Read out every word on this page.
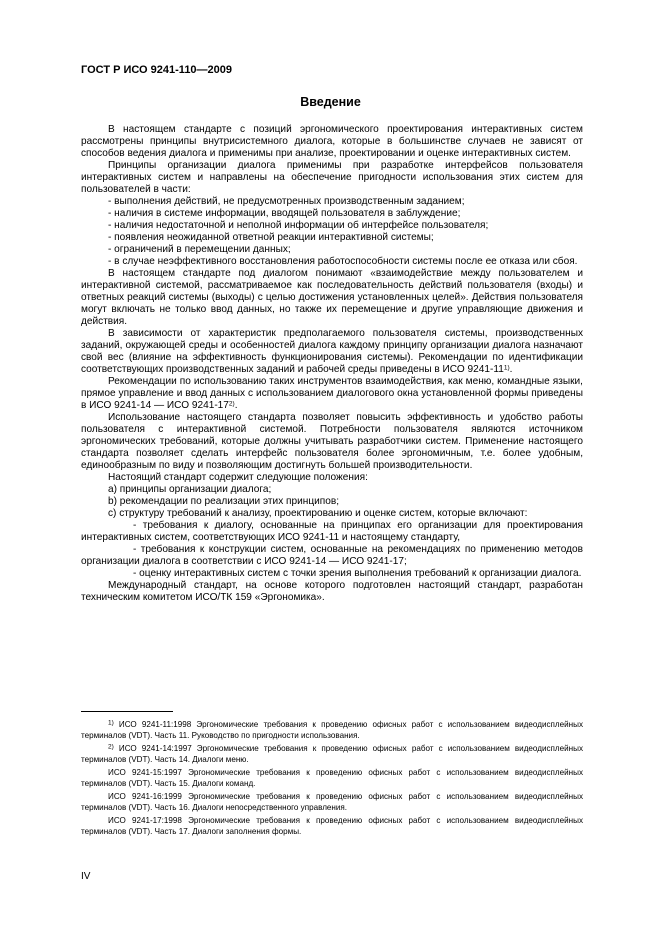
ГОСТ Р ИСО 9241-110—2009

Введение

В настоящем стандарте с позиций эргономического проектирования интерактивных систем рассмотрены принципы внутрисистемного диалога, которые в большинстве случаев не зависят от способов ведения диалога и применимы при анализе, проектировании и оценке интерактивных систем.

Принципы организации диалога применимы при разработке интерфейсов пользователя интерактивных систем и направлены на обеспечение пригодности использования этих систем для пользователей в части:

- выполнения действий, не предусмотренных производственным заданием;

- наличия в системе информации, вводящей пользователя в заблуждение;

- наличия недостаточной и неполной информации об интерфейсе пользователя;

- появления неожиданной ответной реакции интерактивной системы;

- ограничений в перемещении данных;

- в случае неэффективного восстановления работоспособности системы после ее отказа или сбоя.

В настоящем стандарте под диалогом понимают «взаимодействие между пользователем и интерактивной системой, рассматриваемое как последовательность действий пользователя (входы) и ответных реакций системы (выходы) с целью достижения установленных целей». Действия пользователя могут включать не только ввод данных, но также их перемещение и другие управляющие движения и действия.

В зависимости от характеристик предполагаемого пользователя системы, производственных заданий, окружающей среды и особенностей диалога каждому принципу организации диалога назначают свой вес (влияние на эффективность функционирования системы). Рекомендации по идентификации соответствующих производственных заданий и рабочей среды приведены в ИСО 9241-11$^{1)}$.

Рекомендации по использованию таких инструментов взаимодействия, как меню, командные языки, прямое управление и ввод данных с использованием диалогового окна установленной формы приведены в ИСО 9241-14 — ИСО 9241-17$^{2)}$.

Использование настоящего стандарта позволяет повысить эффективность и удобство работы пользователя с интерактивной системой. Потребности пользователя являются источником эргономических требований, которые должны учитывать разработчики систем. Применение настоящего стандарта позволяет сделать интерфейс пользователя более эргономичным, т.е. более удобным, единообразным по виду и позволяющим достигнуть большей производительности.

Настоящий стандарт содержит следующие положения:

a) принципы организации диалога;

b) рекомендации по реализации этих принципов;

c) структуру требований к анализу, проектированию и оценке систем, которые включают:

- требования к диалогу, основанные на принципах его организации для проектирования интерактивных систем, соответствующих ИСО 9241-11 и настоящему стандарту,

- требования к конструкции систем, основанные на рекомендациях по применению методов организации диалога в соответствии с ИСО 9241-14 — ИСО 9241-17;

- оценку интерактивных систем с точки зрения выполнения требований к организации диалога.

Международный стандарт, на основе которого подготовлен настоящий стандарт, разработан техническим комитетом ИСО/ТК 159 «Эргономика».

$^{1)}$ ИСО 9241-11:1998 Эргономические требования к проведению офисных работ с использованием видеодисплейных терминалов (VDT). Часть 11. Руководство по пригодности использования.

$^{2)}$ ИСО 9241-14:1997 Эргономические требования к проведению офисных работ с использованием видеодисплейных терминалов (VDT). Часть 14. Диалоги меню.

ИСО 9241-15:1997 Эргономические требования к проведению офисных работ с использованием видеодисплейных терминалов (VDT). Часть 15. Диалоги команд.

ИСО 9241-16:1999 Эргономические требования к проведению офисных работ с использованием видеодисплейных терминалов (VDT). Часть 16. Диалоги непосредственного управления.

ИСО 9241-17:1998 Эргономические требования к проведению офисных работ с использованием видеодисплейных терминалов (VDT). Часть 17. Диалоги заполнения формы.

IV
